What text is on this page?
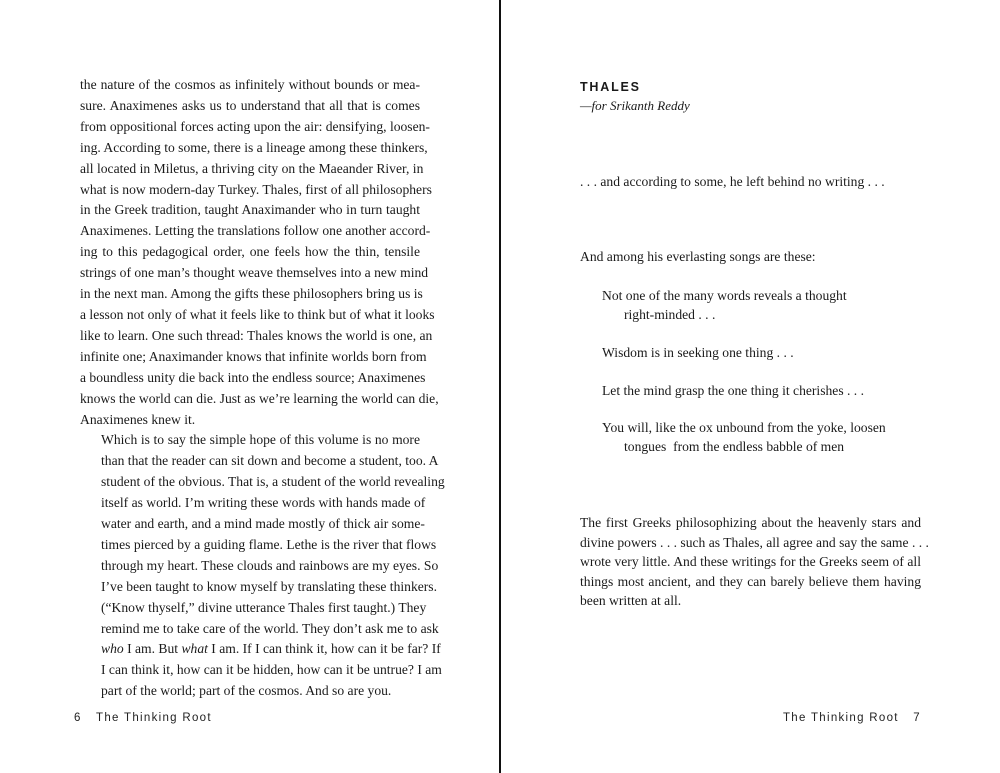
the nature of the cosmos as infinitely without bounds or mea-
sure. Anaximenes asks us to understand that all that is comes
from oppositional forces acting upon the air: densifying, loosen-
ing. According to some, there is a lineage among these thinkers,
all located in Miletus, a thriving city on the Maeander River, in
what is now modern-day Turkey. Thales, first of all philosophers
in the Greek tradition, taught Anaximander who in turn taught
Anaximenes. Letting the translations follow one another accord-
ing to this pedagogical order, one feels how the thin, tensile
strings of one man’s thought weave themselves into a new mind
in the next man. Among the gifts these philosophers bring us is
a lesson not only of what it feels like to think but of what it looks
like to learn. One such thread: Thales knows the world is one, an
infinite one; Anaximander knows that infinite worlds born from
a boundless unity die back into the endless source; Anaximenes
knows the world can die. Just as we’re learning the world can die,
Anaximenes knew it.

Which is to say the simple hope of this volume is no more
than that the reader can sit down and become a student, too. A
student of the obvious. That is, a student of the world revealing
itself as world. I’m writing these words with hands made of
water and earth, and a mind made mostly of thick air some-
times pierced by a guiding flame. Lethe is the river that flows
through my heart. These clouds and rainbows are my eyes. So
I’ve been taught to know myself by translating these thinkers.
(“Know thyself,” divine utterance Thales first taught.) They
remind me to take care of the world. They don’t ask me to ask
who I am. But what I am. If I can think it, how can it be far? If
I can think it, how can it be hidden, how can it be untrue? I am
part of the world; part of the cosmos. And so are you.

6 The Thinking Root
THALES
—for Srikanth Reddy
. . . and according to some, he left behind no writing . . .
And among his everlasting songs are these:
Not one of the many words reveals a thought
right-minded . . .
Wisdom is in seeking one thing . . .
Let the mind grasp the one thing it cherishes . . .
You will, like the ox unbound from the yoke, loosen
tongues  from the endless babble of men
The first Greeks philosophizing about the heavenly stars and
divine powers . . . such as Thales, all agree and say the same . . .
wrote very little. And these writings for the Greeks seem of all
things most ancient, and they can barely believe them having
been written at all.
The Thinking Root 7
